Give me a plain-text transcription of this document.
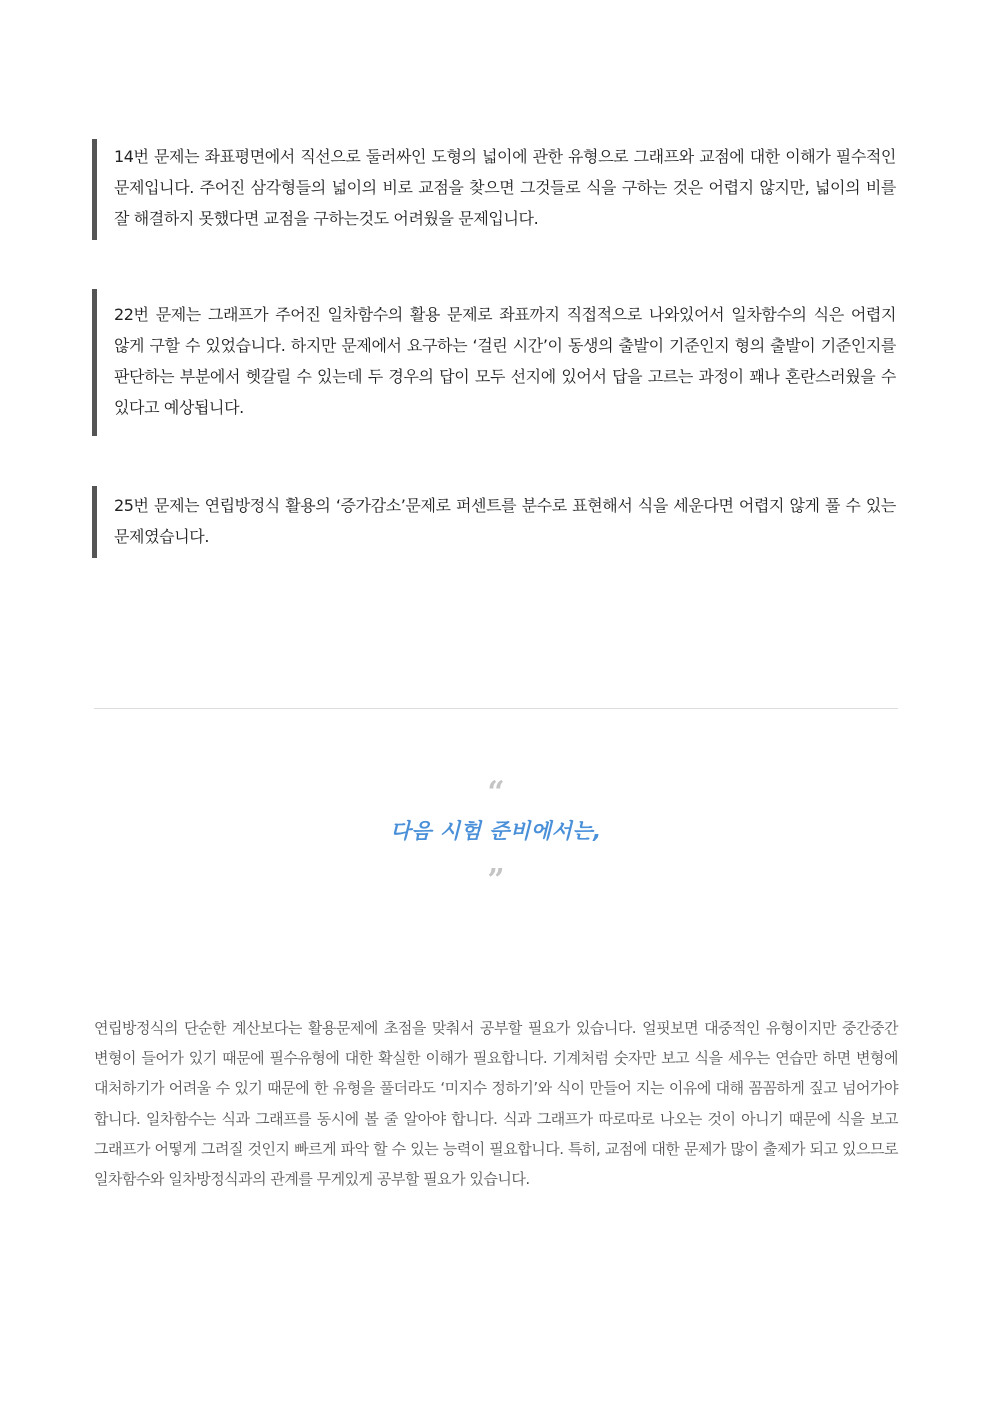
14번 문제는 좌표평면에서 직선으로 둘러싸인 도형의 넓이에 관한 유형으로 그래프와 교점에 대한 이해가 필수적인 문제입니다. 주어진 삼각형들의 넓이의 비로 교점을 찾으면 그것들로 식을 구하는 것은 어렵지 않지만, 넓이의 비를 잘 해결하지 못했다면 교점을 구하는것도 어려웠을 문제입니다.
22번 문제는 그래프가 주어진 일차함수의 활용 문제로 좌표까지 직접적으로 나와있어서 일차함수의 식은 어렵지 않게 구할 수 있었습니다. 하지만 문제에서 요구하는 ‘걸린 시간’이 동생의 출발이 기준인지 형의 출발이 기준인지를 판단하는 부분에서 헷갈릴 수 있는데 두 경우의 답이 모두 선지에 있어서 답을 고르는 과정이 꽤나 혼란스러웠을 수 있다고 예상됩니다.
25번 문제는 연립방정식 활용의 ‘증가감소’문제로 퍼센트를 분수로 표현해서 식을 세운다면 어렵지 않게 풀 수 있는 문제였습니다.
“
다음 시험 준비에서는,
”
연립방정식의 단순한 계산보다는 활용문제에 초점을 맞춰서 공부할 필요가 있습니다. 얼핏보면 대중적인 유형이지만 중간중간 변형이 들어가 있기 때문에 필수유형에 대한 확실한 이해가 필요합니다. 기계처럼 숫자만 보고 식을 세우는 연습만 하면 변형에 대처하기가 어려울 수 있기 때문에 한 유형을 풀더라도 ‘미지수 정하기’와 식이 만들어 지는 이유에 대해 꼼꼼하게 짚고 넘어가야 합니다. 일차함수는 식과 그래프를 동시에 볼 줄 알아야 합니다. 식과 그래프가 따로따로 나오는 것이 아니기 때문에 식을 보고 그래프가 어떻게 그려질 것인지 빠르게 파악 할 수 있는 능력이 필요합니다. 특히, 교점에 대한 문제가 많이 출제가 되고 있으므로 일차함수와 일차방정식과의 관계를 무게있게 공부할 필요가 있습니다.
